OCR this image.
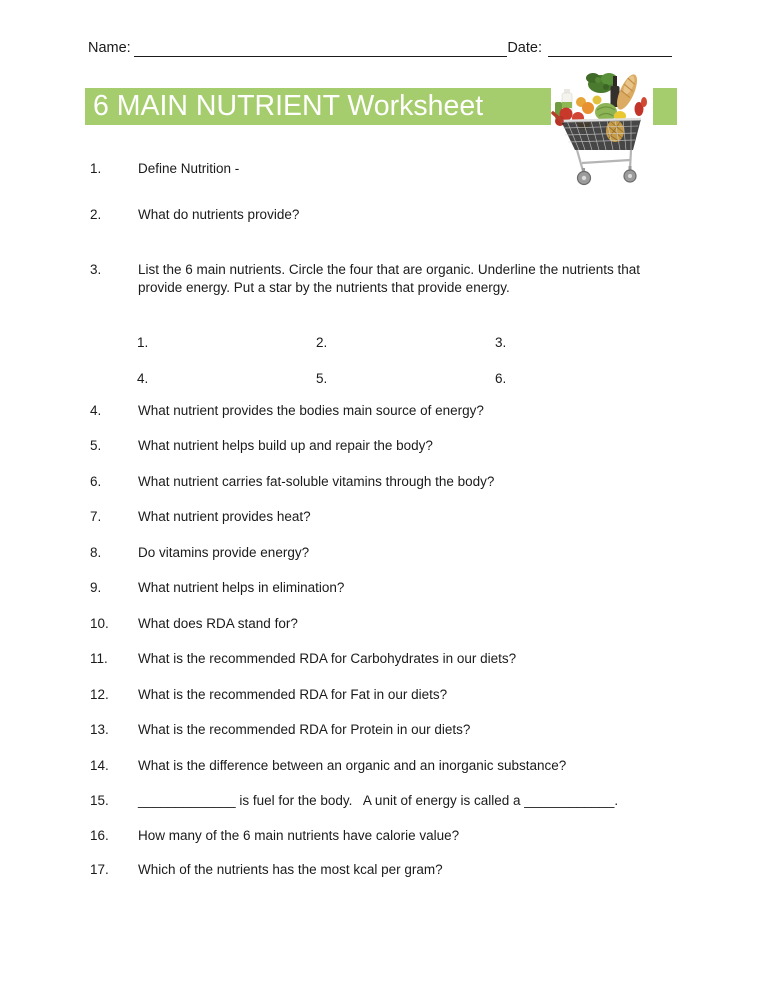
Name:	Date:
6 MAIN NUTRIENT Worksheet
1.	Define Nutrition -
2.	What do nutrients provide?
3.	List the 6 main nutrients. Circle the four that are organic. Underline the nutrients that provide energy. Put a star by the nutrients that provide energy.
1.	2.	3.
4.	5.	6.
4.	What nutrient provides the bodies main source of energy?
5.	What nutrient helps build up and repair the body?
6.	What nutrient carries fat-soluble vitamins through the body?
7.	What nutrient provides heat?
8.	Do vitamins provide energy?
9.	What nutrient helps in elimination?
10.	What does RDA stand for?
11.	What is the recommended RDA for Carbohydrates in our diets?
12.	What is the recommended RDA for Fat in our diets?
13.	What is the recommended RDA for Protein in our diets?
14.	What is the difference between an organic and an inorganic substance?
15.	_____________ is fuel for the body.   A unit of energy is called a ____________.
16.	How many of the 6 main nutrients have calorie value?
17.	Which of the nutrients has the most kcal per gram?
